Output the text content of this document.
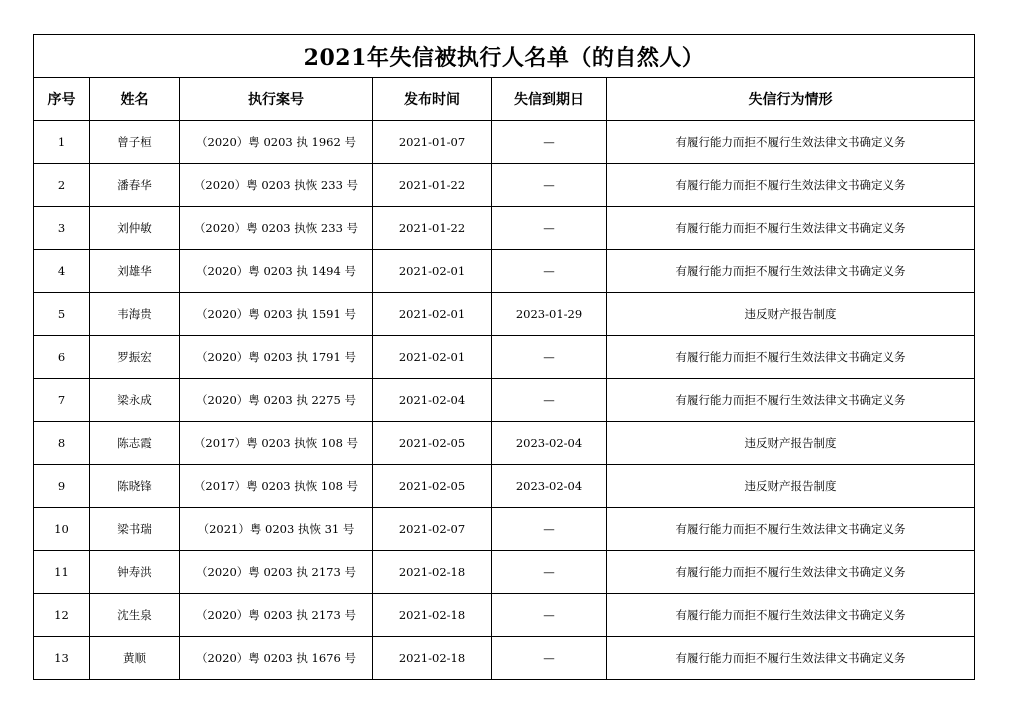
2021年失信被执行人名单（的自然人）					
序号	姓名	执行案号	发布时间	失信到期日	失信行为情形
1	曾子桓	（2020）粤 0203 执 1962 号	2021-01-07	—	有履行能力而拒不履行生效法律文书确定义务
2	潘春华	（2020）粤 0203 执恢 233 号	2021-01-22	—	有履行能力而拒不履行生效法律文书确定义务
3	刘仲敏	（2020）粤 0203 执恢 233 号	2021-01-22	—	有履行能力而拒不履行生效法律文书确定义务
4	刘雄华	（2020）粤 0203 执 1494 号	2021-02-01	—	有履行能力而拒不履行生效法律文书确定义务
5	韦海贵	（2020）粤 0203 执 1591 号	2021-02-01	2023-01-29	违反财产报告制度
6	罗振宏	（2020）粤 0203 执 1791 号	2021-02-01	—	有履行能力而拒不履行生效法律文书确定义务
7	梁永成	（2020）粤 0203 执 2275 号	2021-02-04	—	有履行能力而拒不履行生效法律文书确定义务
8	陈志霞	（2017）粤 0203 执恢 108 号	2021-02-05	2023-02-04	违反财产报告制度
9	陈晓锋	（2017）粤 0203 执恢 108 号	2021-02-05	2023-02-04	违反财产报告制度
10	梁书瑞	（2021）粤 0203 执恢 31 号	2021-02-07	—	有履行能力而拒不履行生效法律文书确定义务
11	钟寿洪	（2020）粤 0203 执 2173 号	2021-02-18	—	有履行能力而拒不履行生效法律文书确定义务
12	沈生泉	（2020）粤 0203 执 2173 号	2021-02-18	—	有履行能力而拒不履行生效法律文书确定义务
13	黄顺	（2020）粤 0203 执 1676 号	2021-02-18	—	有履行能力而拒不履行生效法律文书确定义务
